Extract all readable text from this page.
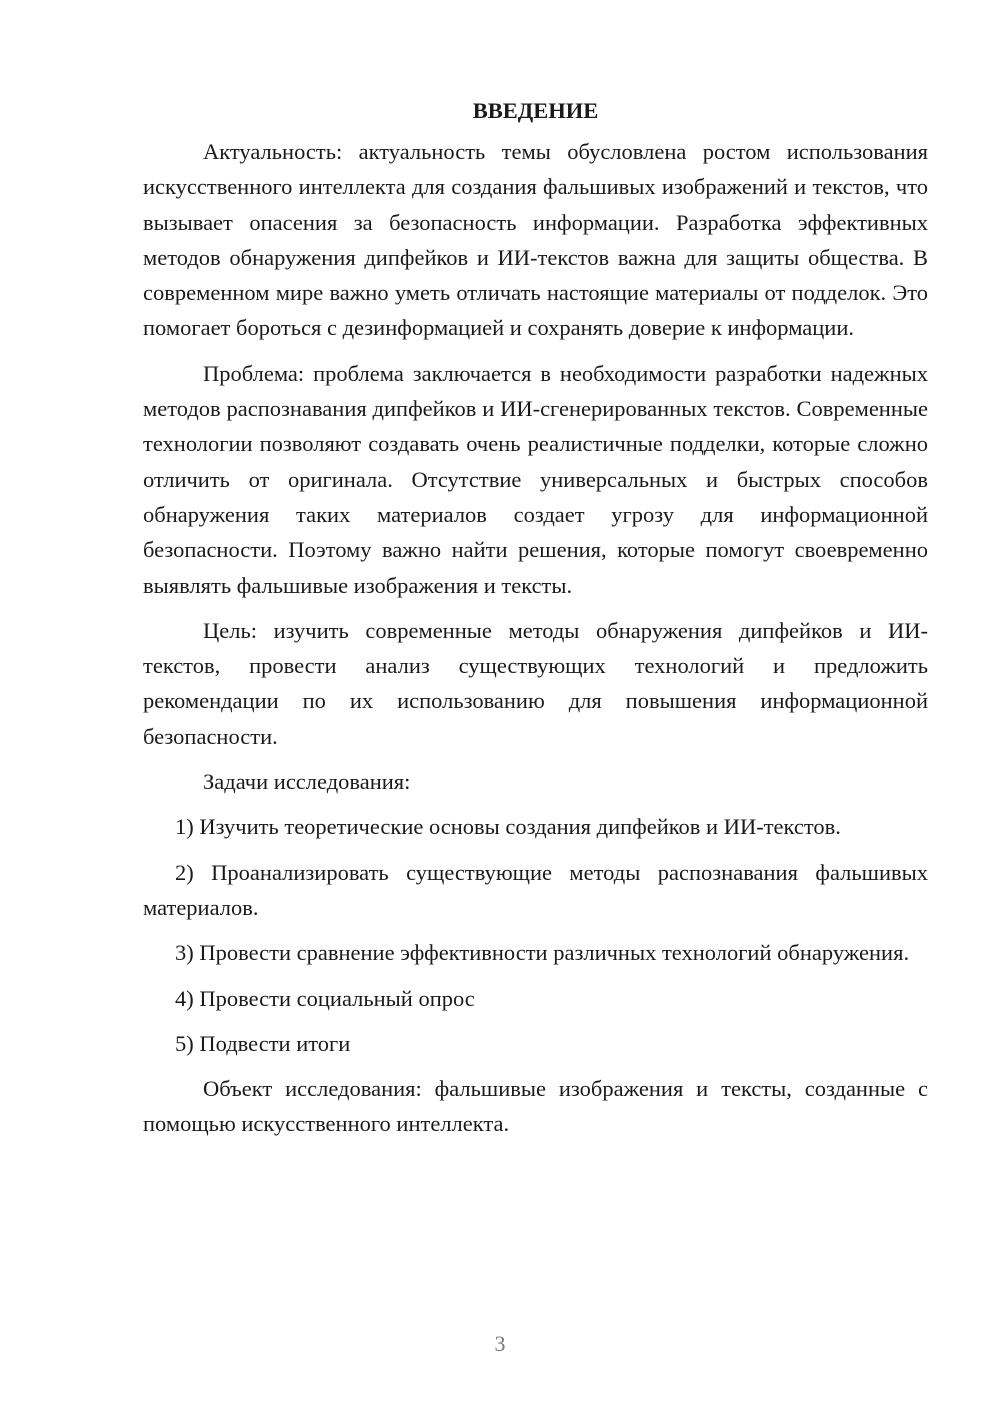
ВВЕДЕНИЕ

Актуальность: актуальность темы обусловлена ростом использования искусственного интеллекта для создания фальшивых изображений и текстов, что вызывает опасения за безопасность информации. Разработка эффективных методов обнаружения дипфейков и ИИ-текстов важна для защиты общества. В современном мире важно уметь отличать настоящие материалы от подделок. Это помогает бороться с дезинформацией и сохранять доверие к информации.

Проблема: проблема заключается в необходимости разработки надежных методов распознавания дипфейков и ИИ-сгенерированных текстов. Современные технологии позволяют создавать очень реалистичные подделки, которые сложно отличить от оригинала. Отсутствие универсальных и быстрых способов обнаружения таких материалов создает угрозу для информационной безопасности. Поэтому важно найти решения, которые помогут своевременно выявлять фальшивые изображения и тексты.

Цель: изучить современные методы обнаружения дипфейков и ИИ-текстов, провести анализ существующих технологий и предложить рекомендации по их использованию для повышения информационной безопасности.

Задачи исследования:

1) Изучить теоретические основы создания дипфейков и ИИ-текстов.

2) Проанализировать существующие методы распознавания фальшивых материалов.

3) Провести сравнение эффективности различных технологий обнаружения.

4) Провести социальный опрос

5) Подвести итоги

Объект исследования: фальшивые изображения и тексты, созданные с помощью искусственного интеллекта.

3
